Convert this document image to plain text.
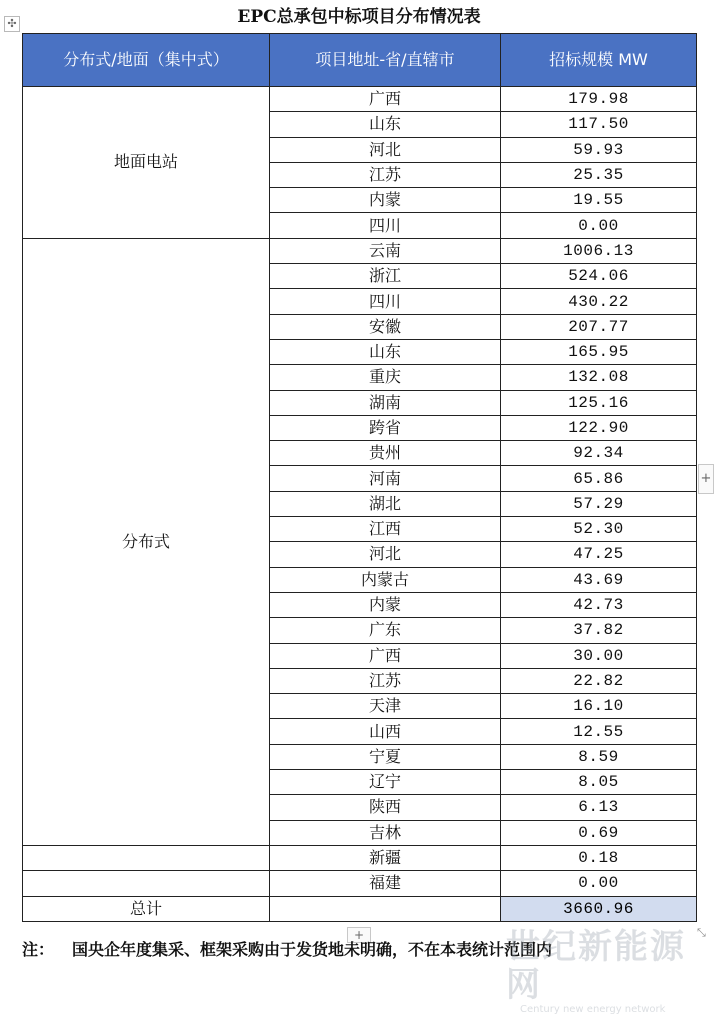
✣	EPC总承包中标项目分布情况表
分布式/地面（集中式）	项目地址-省/直辖市	招标规模 MW
地面电站	广西	179.98
	山东	117.50
	河北	59.93
	江苏	25.35
	内蒙	19.55
	四川	0.00
分布式	云南	1006.13
	浙江	524.06
	四川	430.22
	安徽	207.77
	山东	165.95
	重庆	132.08
	湖南	125.16
	跨省	122.90
	贵州	92.34
	河南	65.86
	湖北	57.29
	江西	52.30
	河北	47.25
	内蒙古	43.69
	内蒙	42.73
	广东	37.82
	广西	30.00
	江苏	22.82
	天津	16.10
	山西	12.55
	宁夏	8.59
	辽宁	8.05
	陕西	6.13
	吉林	0.69
	新疆	0.18
	福建	0.00
总计		3660.96
+
+	⤡
注： 国央企年度集采、框架采购由于发货地未明确，不在本表统计范围内
世纪新能源网
Century new energy network
